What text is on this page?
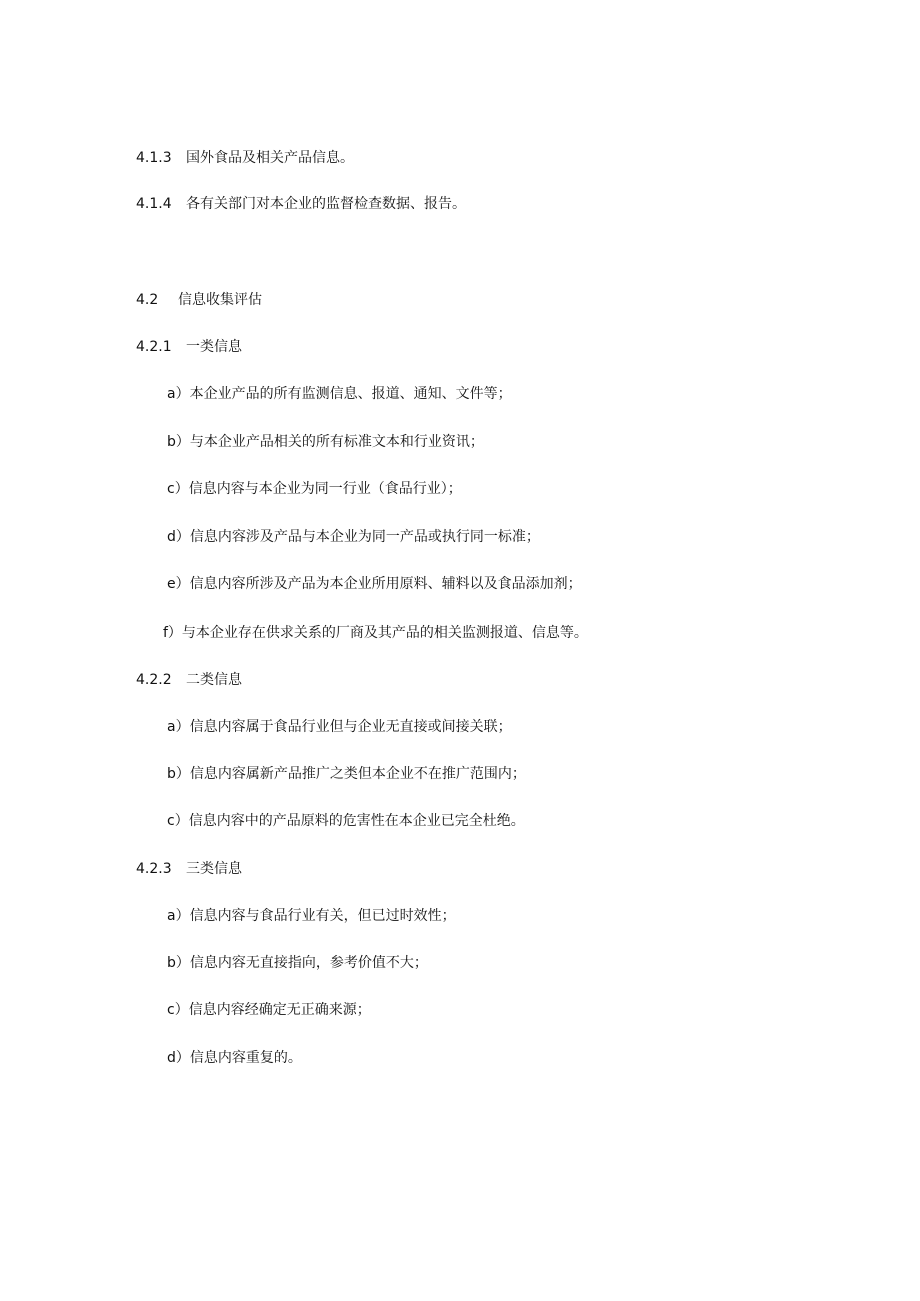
4.1.3 国外食品及相关产品信息。
4.1.4 各有关部门对本企业的监督检查数据、报告。
4.2 信息收集评估
4.2.1 一类信息
a）本企业产品的所有监测信息、报道、通知、文件等；
b）与本企业产品相关的所有标准文本和行业资讯；
c）信息内容与本企业为同一行业（食品行业）；
d）信息内容涉及产品与本企业为同一产品或执行同一标准；
e）信息内容所涉及产品为本企业所用原料、辅料以及食品添加剂；
f）与本企业存在供求关系的厂商及其产品的相关监测报道、信息等。
4.2.2 二类信息
a）信息内容属于食品行业但与企业无直接或间接关联；
b）信息内容属新产品推广之类但本企业不在推广范围内；
c）信息内容中的产品原料的危害性在本企业已完全杜绝。
4.2.3 三类信息
a）信息内容与食品行业有关，但已过时效性；
b）信息内容无直接指向，参考价值不大；
c）信息内容经确定无正确来源；
d）信息内容重复的。
